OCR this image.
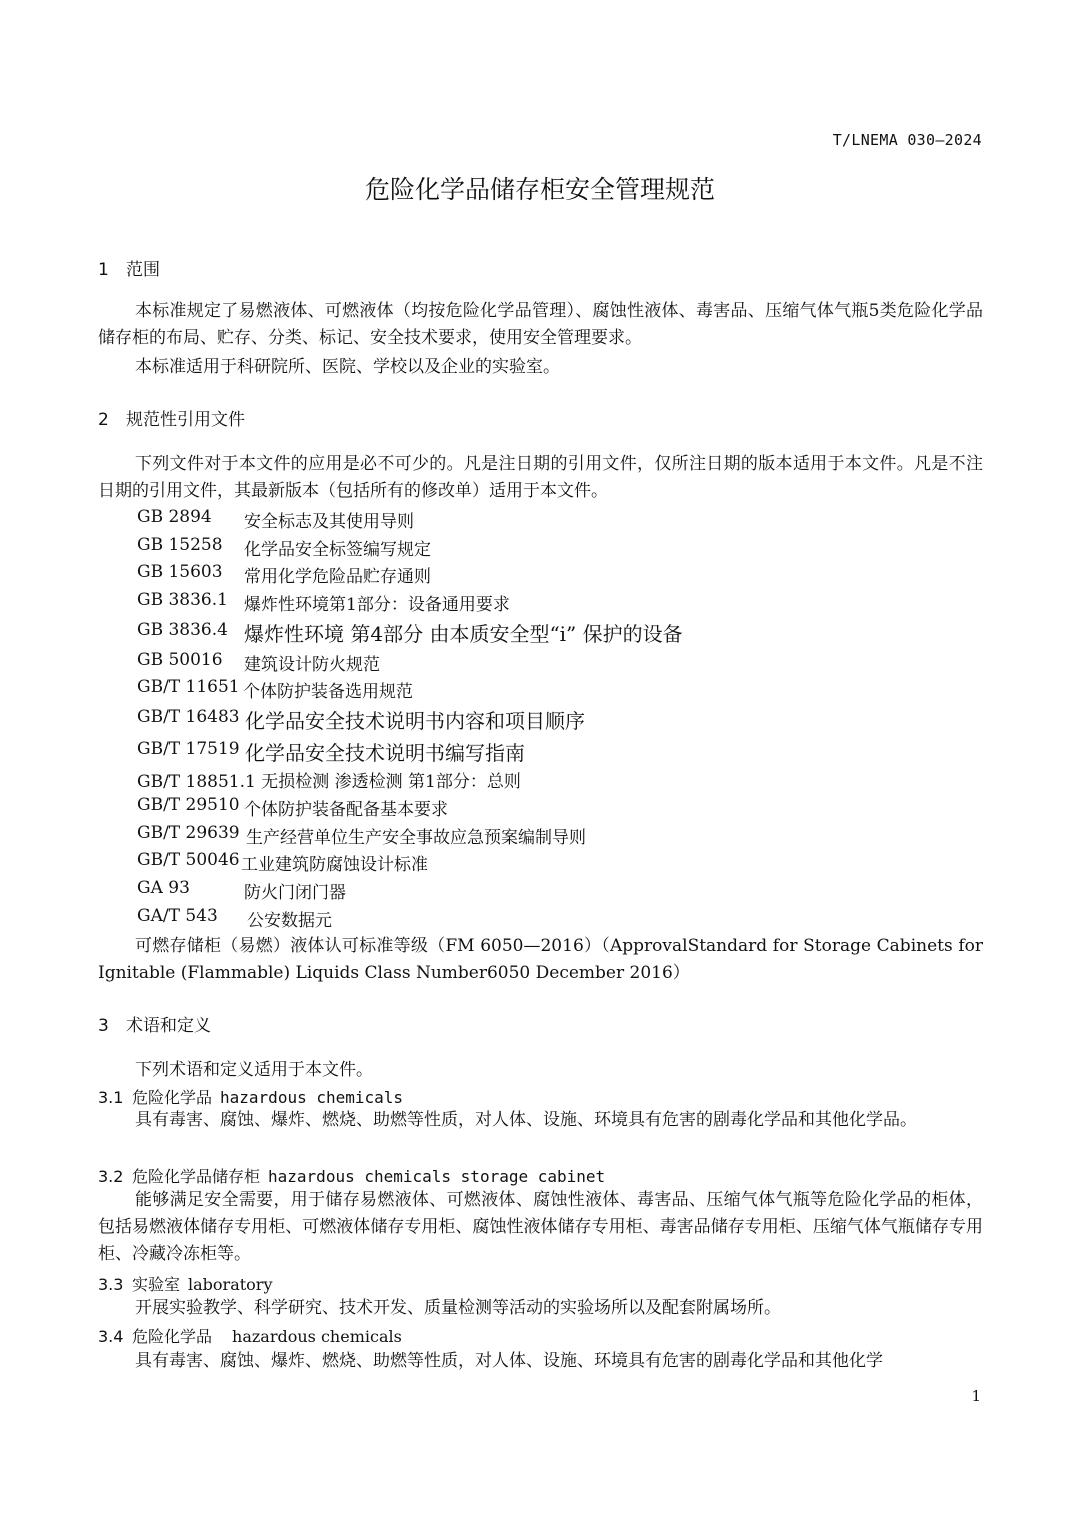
T/LNEMA 030—2024
危险化学品储存柜安全管理规范
1 范围
本标准规定了易燃液体、可燃液体（均按危险化学品管理）、腐蚀性液体、毒害品、压缩气体气瓶5类危险化学品储存柜的布局、贮存、分类、标记、安全技术要求，使用安全管理要求。
本标准适用于科研院所、医院、学校以及企业的实验室。
2 规范性引用文件
下列文件对于本文件的应用是必不可少的。凡是注日期的引用文件，仅所注日期的版本适用于本文件。凡是不注日期的引用文件，其最新版本（包括所有的修改单）适用于本文件。
GB 2894 安全标志及其使用导则
GB 15258 化学品安全标签编写规定
GB 15603 常用化学危险品贮存通则
GB 3836.1 爆炸性环境第1部分：设备通用要求
GB 3836.4 爆炸性环境 第4部分 由本质安全型“i” 保护的设备
GB 50016 建筑设计防火规范
GB/T 11651 个体防护装备选用规范
GB/T 16483 化学品安全技术说明书内容和项目顺序
GB/T 17519 化学品安全技术说明书编写指南
GB/T 18851.1 无损检测 渗透检测 第1部分：总则
GB/T 29510 个体防护装备配备基本要求
GB/T 29639 生产经营单位生产安全事故应急预案编制导则
GB/T 50046 工业建筑防腐蚀设计标准
GA 93	防火门闭门器
GA/T 543 公安数据元
可燃存储柜（易燃）液体认可标准等级（FM 6050—2016）（ApprovalStandard for Storage Cabinets for Ignitable (Flammable) Liquids Class Number6050 December 2016）
3 术语和定义
下列术语和定义适用于本文件。
3.1 危险化学品 hazardous chemicals
具有毒害、腐蚀、爆炸、燃烧、助燃等性质，对人体、设施、环境具有危害的剧毒化学品和其他化学品。
3.2 危险化学品储存柜 hazardous chemicals storage cabinet
能够满足安全需要，用于储存易燃液体、可燃液体、腐蚀性液体、毒害品、压缩气体气瓶等危险化学品的柜体，包括易燃液体储存专用柜、可燃液体储存专用柜、腐蚀性液体储存专用柜、毒害品储存专用柜、压缩气体气瓶储存专用柜、冷藏冷冻柜等。
3.3 实验室 laboratory
开展实验教学、科学研究、技术开发、质量检测等活动的实验场所以及配套附属场所。
3.4 危险化学品 hazardous chemicals
具有毒害、腐蚀、爆炸、燃烧、助燃等性质，对人体、设施、环境具有危害的剧毒化学品和其他化学
1
